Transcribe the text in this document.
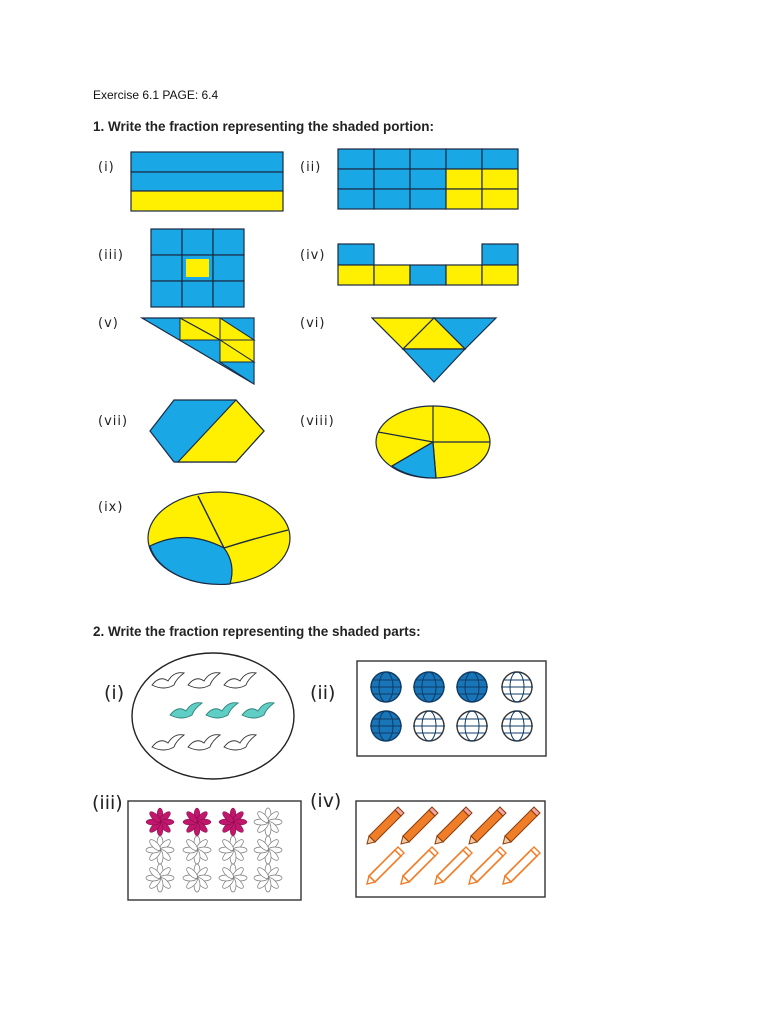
Exercise 6.1 PAGE: 6.4
1. Write the fraction representing the shaded portion:
(i)	(ii)
(iii)	(iv)
(v)	(vi)
(vii)	(viii)
(ix)
2. Write the fraction representing the shaded parts:
(i)	(ii)
(iii)	(iv)
